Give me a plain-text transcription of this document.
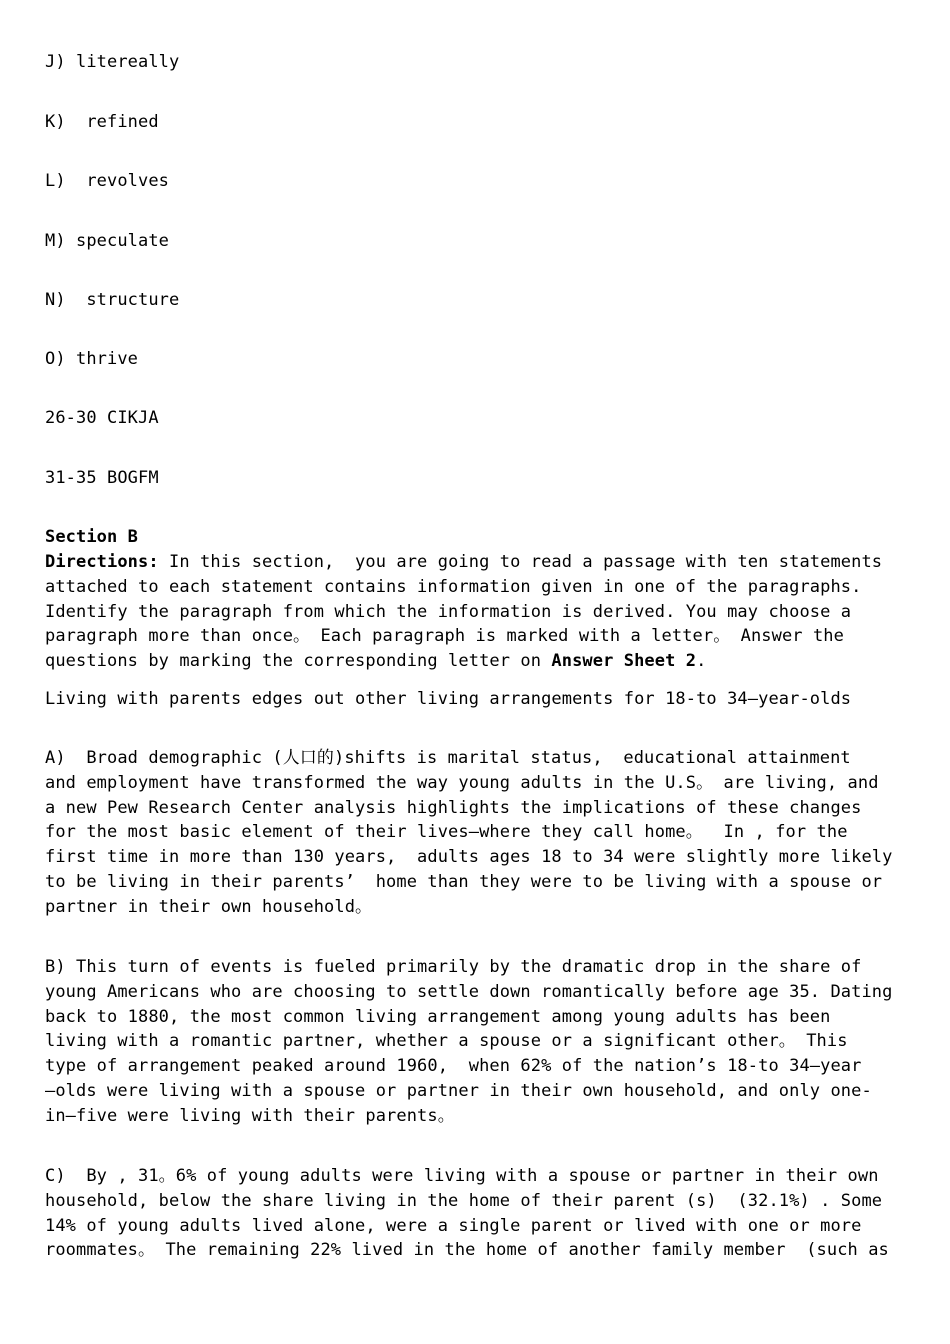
J) litereally
K)  refined
L)  revolves
M) speculate
N)  structure
O) thrive
26-30 CIKJA
31-35 BOGFM
Section B
Directions: In this section,  you are going to read a passage with ten statements
attached to each statement contains information given in one of the paragraphs.
Identify the paragraph from which the information is derived. You may choose a
paragraph more than once。 Each paragraph is marked with a letter。 Answer the
questions by marking the corresponding letter on Answer Sheet 2.
Living with parents edges out other living arrangements for 18-to 34—year-olds
A)  Broad demographic (人口的)shifts is marital status,  educational attainment
and employment have transformed the way young adults in the U.S。 are living, and
a new Pew Research Center analysis highlights the implications of these changes
for the most basic element of their lives—where they call home。  In , for the
first time in more than 130 years,  adults ages 18 to 34 were slightly more likely
to be living in their parents’  home than they were to be living with a spouse or
partner in their own household。
B) This turn of events is fueled primarily by the dramatic drop in the share of
young Americans who are choosing to settle down romantically before age 35. Dating
back to 1880, the most common living arrangement among young adults has been
living with a romantic partner, whether a spouse or a significant other。 This
type of arrangement peaked around 1960,  when 62% of the nation’s 18-to 34—year
—olds were living with a spouse or partner in their own household, and only one-
in—five were living with their parents。
C)  By , 31。6% of young adults were living with a spouse or partner in their own
household, below the share living in the home of their parent (s)  (32.1%) . Some
14% of young adults lived alone, were a single parent or lived with one or more
roommates。 The remaining 22% lived in the home of another family member  (such as
